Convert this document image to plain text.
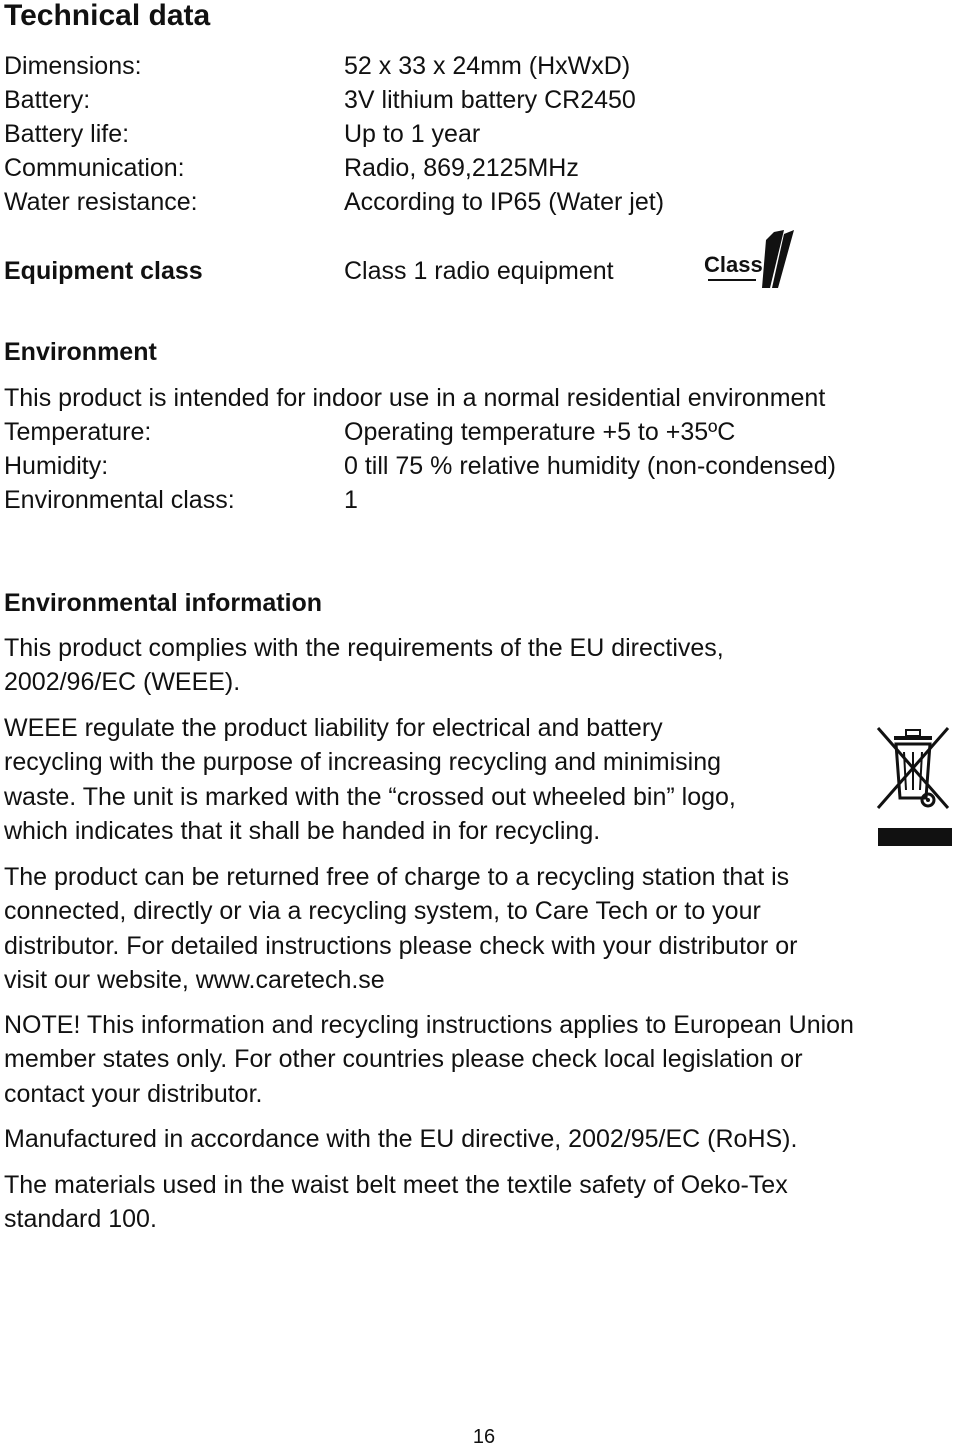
Technical data
Dimensions:	52 x 33 x 24mm (HxWxD)
Battery:	3V lithium battery CR2450
Battery life:	Up to 1 year
Communication:	Radio, 869,2125MHz
Water resistance:	According to IP65 (Water jet)
Equipment class	Class 1 radio equipment	Class
Environment
This product is intended for indoor use in a normal residential environment
Temperature:	Operating temperature +5 to +35ºC
Humidity:	0 till 75 % relative humidity (non-condensed)
Environmental class:	1
Environmental information
This product complies with the requirements of the EU directives,
2002/96/EC (WEEE).
WEEE regulate the product liability for electrical and battery
recycling with the purpose of increasing recycling and minimising
waste. The unit is marked with the “crossed out wheeled bin” logo,
which indicates that it shall be handed in for recycling.
The product can be returned free of charge to a recycling station that is
connected, directly or via a recycling system, to Care Tech or to your
distributor. For detailed instructions please check with your distributor or
visit our website, www.caretech.se
NOTE! This information and recycling instructions applies to European Union
member states only. For other countries please check local legislation or
contact your distributor.
Manufactured in accordance with the EU directive, 2002/95/EC (RoHS).
The materials used in the waist belt meet the textile safety of Oeko-Tex
standard 100.
16
